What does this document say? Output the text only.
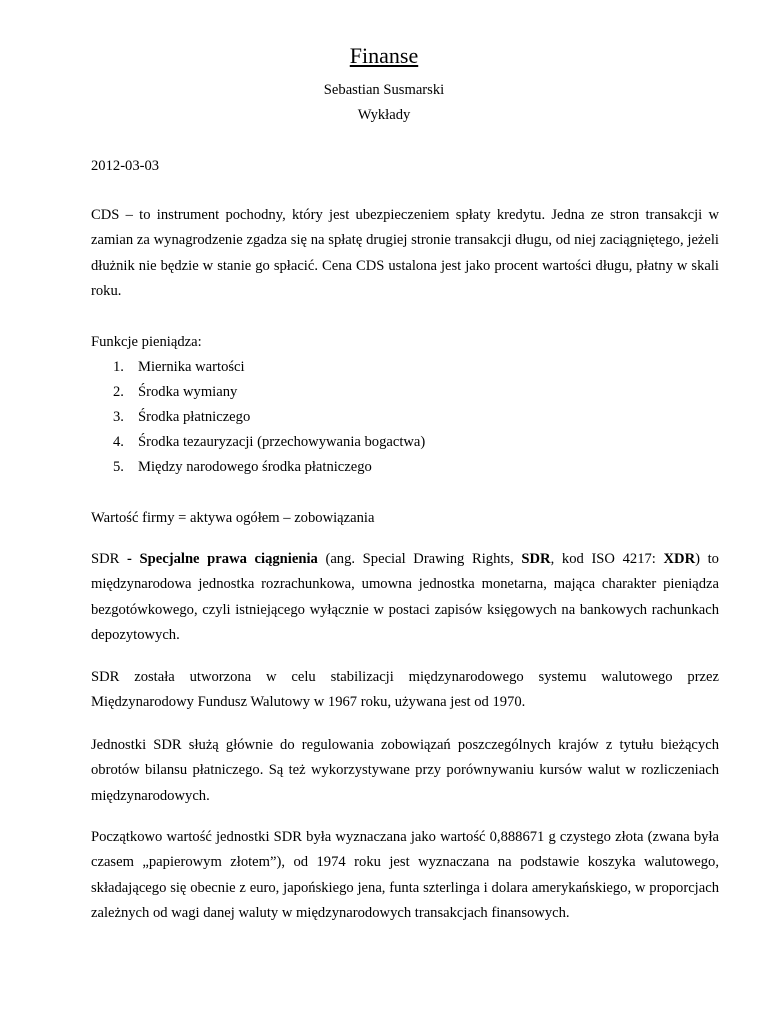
Finanse
Sebastian Susmarski
Wykłady

2012-03-03

CDS – to instrument pochodny, który jest ubezpieczeniem spłaty kredytu. Jedna ze stron transakcji w zamian za wynagrodzenie zgadza się na spłatę drugiej stronie transakcji długu, od niej zaciągniętego, jeżeli dłużnik nie będzie w stanie go spłacić. Cena CDS ustalona jest jako procent wartości długu, płatny w skali roku.

Funkcje pieniądza:

1. Miernika wartości
2. Środka wymiany
3. Środka płatniczego
4. Środka tezauryzacji (przechowywania bogactwa)
5. Między narodowego środka płatniczego

Wartość firmy = aktywa ogółem – zobowiązania

SDR - Specjalne prawa ciągnienia (ang. Special Drawing Rights, SDR, kod ISO 4217: XDR) to międzynarodowa jednostka rozrachunkowa, umowna jednostka monetarna, mająca charakter pieniądza bezgotówkowego, czyli istniejącego wyłącznie w postaci zapisów księgowych na bankowych rachunkach depozytowych.

SDR została utworzona w celu stabilizacji międzynarodowego systemu walutowego przez Międzynarodowy Fundusz Walutowy w 1967 roku, używana jest od 1970.

Jednostki SDR służą głównie do regulowania zobowiązań poszczególnych krajów z tytułu bieżących obrotów bilansu płatniczego. Są też wykorzystywane przy porównywaniu kursów walut w rozliczeniach międzynarodowych.

Początkowo wartość jednostki SDR była wyznaczana jako wartość 0,888671 g czystego złota (zwana była czasem „papierowym złotem”), od 1974 roku jest wyznaczana na podstawie koszyka walutowego, składającego się obecnie z euro, japońskiego jena, funta szterlinga i dolara amerykańskiego, w proporcjach zależnych od wagi danej waluty w międzynarodowych transakcjach finansowych.
